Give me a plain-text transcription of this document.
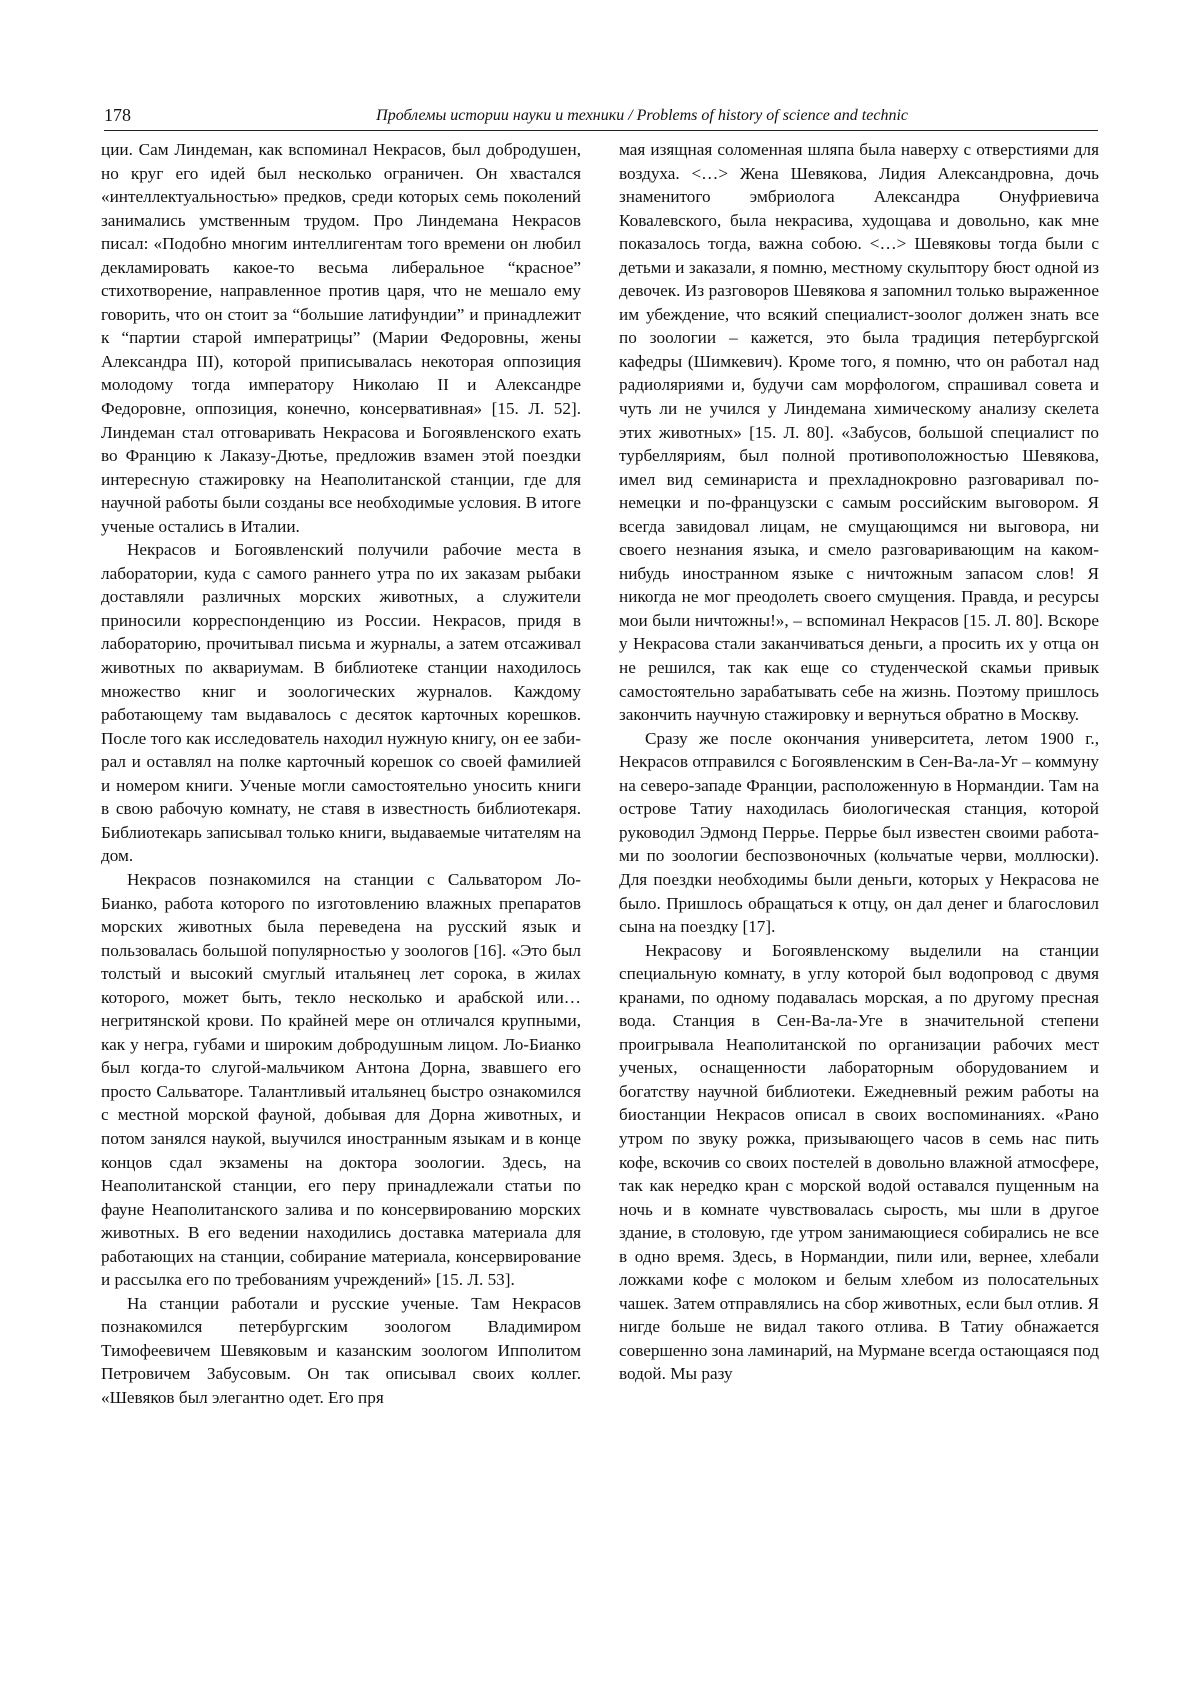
178	Проблемы истории науки и техники / Problems of history of science and technic

ции. Сам Линдеман, как вспоминал Некрасов, был добродушен, но круг его идей был несколько ограничен. Он хвастался «интеллектуальностью» предков, среди которых семь поколений занимались умственным трудом. Про Линдемана Некрасов писал: «Подобно многим интеллигентам того времени он любил декламировать какое-то весьма либеральное “красное” стихотворение, направленное против царя, что не мешало ему говорить, что он стоит за “большие латифундии” и принадлежит к “партии старой императрицы” (Марии Федоровны, жены Александра III), которой приписывалась некоторая оппозиция молодому тогда императору Николаю II и Александре Федоровне, оппозиция, конечно, консервативная» [15. Л. 52]. Линдеман стал отговаривать Некрасова и Богоявленского ехать во Францию к Лаказу-Дютье, предложив взамен этой поездки интересную стажировку на Неаполитанской станции, где для научной работы были созданы все необходимые условия. В итоге ученые остались в Италии.

Некрасов и Богоявленский получили рабочие места в лаборатории, куда с самого раннего утра по их заказам рыбаки доставляли различных морских животных, а служители приносили корреспонденцию из России. Некрасов, придя в лабораторию, прочитывал письма и журналы, а затем отсаживал животных по аквариумам. В библиотеке станции находилось множество книг и зоологических журналов. Каждому работающему там выдавалось с десяток карточных корешков. После того как исследователь находил нужную книгу, он ее забирал и оставлял на полке карточный корешок со своей фамилией и номером книги. Ученые могли самостоятельно уносить книги в свою рабочую комнату, не ставя в известность библиотекаря. Библиотекарь записывал только книги, выдаваемые читателям на дом.

Некрасов познакомился на станции с Сальватором Ло-Бианко, работа которого по изготовлению влажных препаратов морских животных была переведена на русский язык и пользовалась большой популярностью у зоологов [16]. «Это был толстый и высокий смуглый итальянец лет сорока, в жилах которого, может быть, текло несколько и арабской или… негритянской крови. По крайней мере он отличался крупными, как у негра, губами и широким добродушным лицом. Ло-Бианко был когда-то слугой-мальчиком Антона Дорна, звавшего его просто Сальваторе. Талантливый итальянец быстро ознакомился с местной морской фауной, добывая для Дорна животных, и потом занялся наукой, выучился иностранным языкам и в конце концов сдал экзамены на доктора зоологии. Здесь, на Неаполитанской станции, его перу принадлежали статьи по фауне Неаполитанского залива и по консервированию морских животных. В его ведении находились доставка материала для работающих на станции, собирание материала, консервирование и рассылка его по требованиям учреждений» [15. Л. 53].

На станции работали и русские ученые. Там Некрасов познакомился петербургским зоологом Владимиром Тимофеевичем Шевяковым и казанским зоологом Ипполитом Петровичем Забусовым. Он так описывал своих коллег. «Шевяков был элегантно одет. Его пря

мая изящная соломенная шляпа была наверху с отверстиями для воздуха. <…> Жена Шевякова, Лидия Александровна, дочь знаменитого эмбриолога Александра Онуфриевича Ковалевского, была некрасива, худощава и довольно, как мне показалось тогда, важна собою. <…> Шевяковы тогда были с детьми и заказали, я помню, местному скульптору бюст одной из девочек. Из разговоров Шевякова я запомнил только выраженное им убеждение, что всякий специалист-зоолог должен знать все по зоологии – кажется, это была традиция петербургской кафедры (Шимкевич). Кроме того, я помню, что он работал над радиоляриями и, будучи сам морфологом, спрашивал совета и чуть ли не учился у Линдемана химическому анализу скелета этих животных» [15. Л. 80]. «Забусов, большой специалист по турбелляриям, был полной противоположностью Шевякова, имел вид семинариста и прехладнокровно разговаривал по-немецки и по-французски с самым российским выговором. Я всегда завидовал лицам, не смущающимся ни выговора, ни своего незнания языка, и смело разговаривающим на каком-нибудь иностранном языке с ничтожным запасом слов! Я никогда не мог преодолеть своего смущения. Правда, и ресурсы мои были ничтожны!», – вспоминал Некрасов [15. Л. 80]. Вскоре у Некрасова стали заканчиваться деньги, а просить их у отца он не решился, так как еще со студенческой скамьи привык самостоятельно зарабатывать себе на жизнь. Поэтому пришлось закончить научную стажировку и вернуться обратно в Москву.

Сразу же после окончания университета, летом 1900 г., Некрасов отправился с Богоявленским в Сен-Ва-ла-Уг – коммуну на северо-западе Франции, расположенную в Нормандии. Там на острове Татиу находилась биологическая станция, которой руководил Эдмонд Перрье. Перрье был известен своими работами по зоологии беспозвоночных (кольчатые черви, моллюски). Для поездки необходимы были деньги, которых у Некрасова не было. Пришлось обращаться к отцу, он дал денег и благословил сына на поездку [17].

Некрасову и Богоявленскому выделили на станции специальную комнату, в углу которой был водопровод с двумя кранами, по одному подавалась морская, а по другому пресная вода. Станция в Сен-Ва-ла-Уге в значительной степени проигрывала Неаполитанской по организации рабочих мест ученых, оснащенности лабораторным оборудованием и богатству научной библиотеки. Ежедневный режим работы на биостанции Некрасов описал в своих воспоминаниях. «Рано утром по звуку рожка, призывающего часов в семь нас пить кофе, вскочив со своих постелей в довольно влажной атмосфере, так как нередко кран с морской водой оставался пущенным на ночь и в комнате чувствовалась сырость, мы шли в другое здание, в столовую, где утром занимающиеся собирались не все в одно время. Здесь, в Нормандии, пили или, вернее, хлебали ложками кофе с молоком и белым хлебом из полосательных чашек. Затем отправлялись на сбор животных, если был отлив. Я нигде больше не видал такого отлива. В Татиу обнажается совершенно зона ламинарий, на Мурмане всегда остающаяся под водой. Мы разу
